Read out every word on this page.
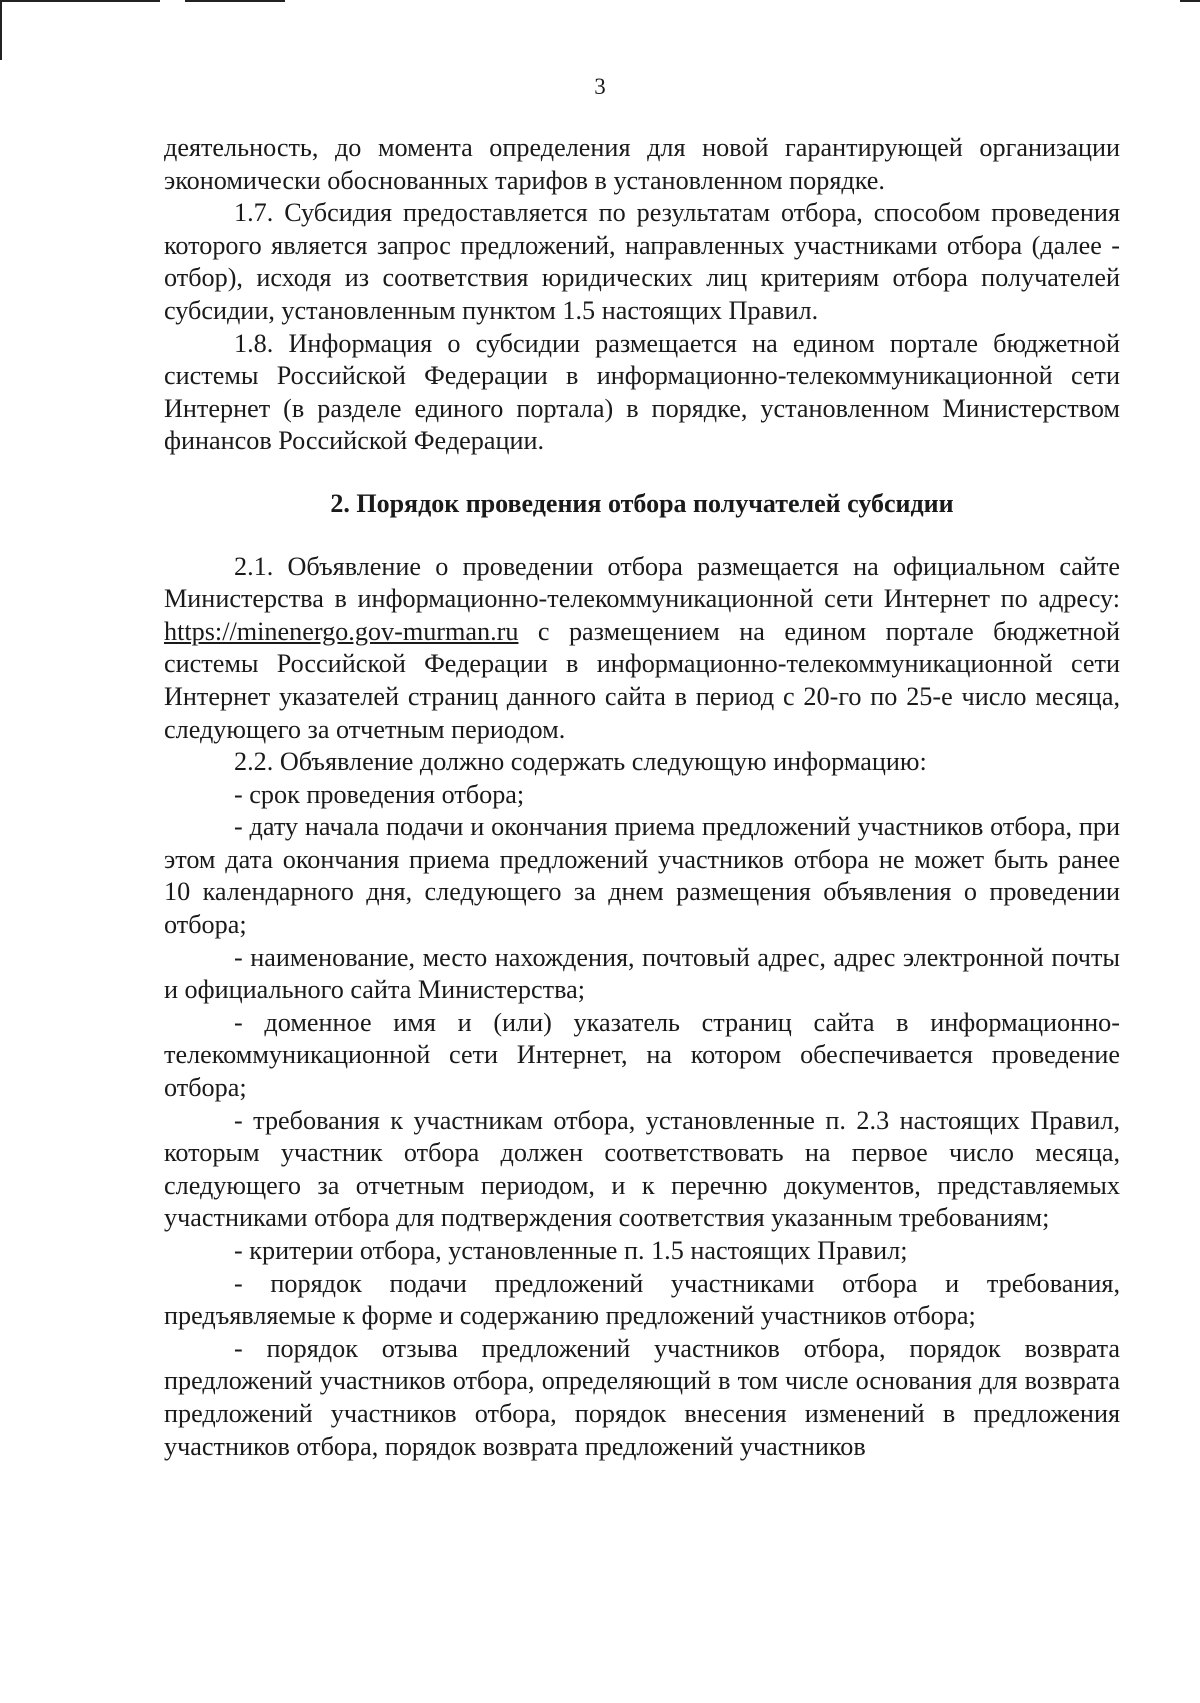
3

деятельность, до момента определения для новой гарантирующей организации экономически обоснованных тарифов в установленном порядке.

1.7. Субсидия предоставляется по результатам отбора, способом проведения которого является запрос предложений, направленных участниками отбора (далее - отбор), исходя из соответствия юридических лиц критериям отбора получателей субсидии, установленным пунктом 1.5 настоящих Правил.

1.8. Информация о субсидии размещается на едином портале бюджетной системы Российской Федерации в информационно-телекоммуникационной сети Интернет (в разделе единого портала) в порядке, установленном Министерством финансов Российской Федерации.

2. Порядок проведения отбора получателей субсидии

2.1. Объявление о проведении отбора размещается на официальном сайте Министерства в информационно-телекоммуникационной сети Интернет по адресу: https://minenergo.gov-murman.ru с размещением на едином портале бюджетной системы Российской Федерации в информационно-телекоммуникационной сети Интернет указателей страниц данного сайта в период с 20-го по 25-е число месяца, следующего за отчетным периодом.

2.2. Объявление должно содержать следующую информацию:

- срок проведения отбора;

- дату начала подачи и окончания приема предложений участников отбора, при этом дата окончания приема предложений участников отбора не может быть ранее 10 календарного дня, следующего за днем размещения объявления о проведении отбора;

- наименование, место нахождения, почтовый адрес, адрес электронной почты и официального сайта Министерства;

- доменное имя и (или) указатель страниц сайта в информационно-телекоммуникационной сети Интернет, на котором обеспечивается проведение отбора;

- требования к участникам отбора, установленные п. 2.3 настоящих Правил, которым участник отбора должен соответствовать на первое число месяца, следующего за отчетным периодом, и к перечню документов, представляемых участниками отбора для подтверждения соответствия указанным требованиям;

- критерии отбора, установленные п. 1.5 настоящих Правил;

- порядок подачи предложений участниками отбора и требования, предъявляемые к форме и содержанию предложений участников отбора;

- порядок отзыва предложений участников отбора, порядок возврата предложений участников отбора, определяющий в том числе основания для возврата предложений участников отбора, порядок внесения изменений в предложения участников отбора, порядок возврата предложений участников
